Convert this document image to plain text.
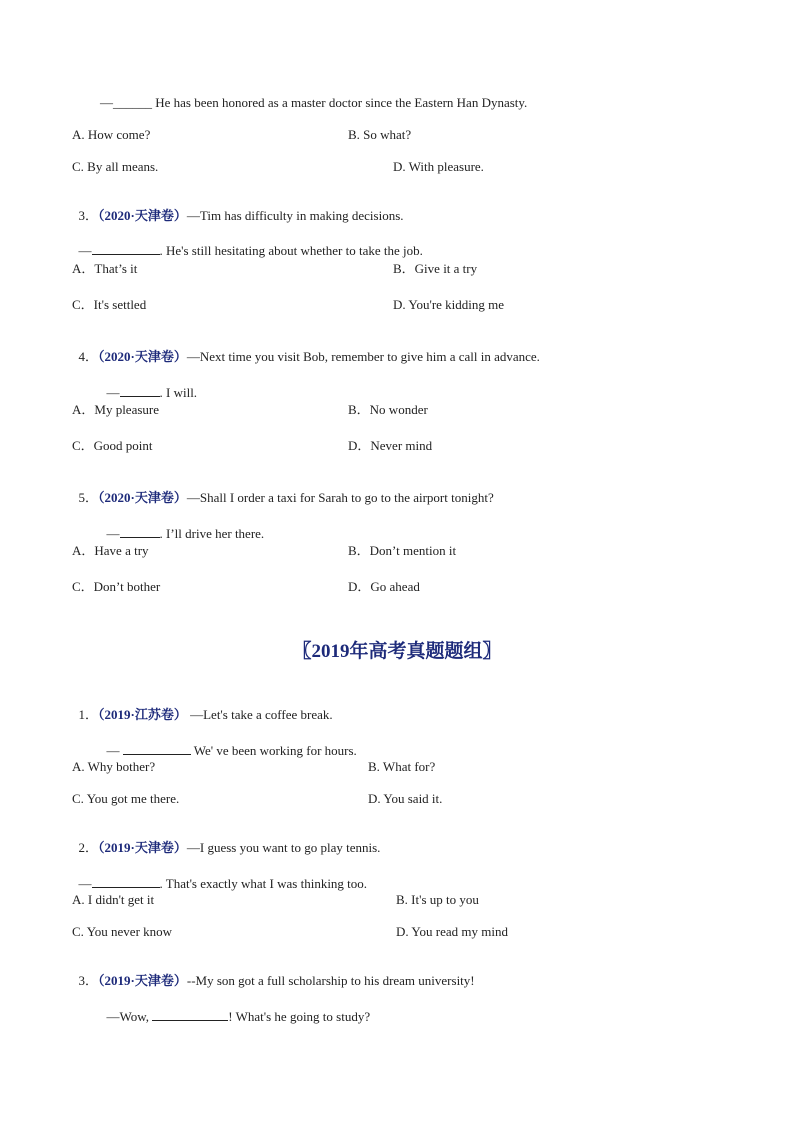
—______ He has been honored as a master doctor since the Eastern Han Dynasty.
A. How come?	B. So what?
C. By all means.	D. With pleasure.

3．（2020·天津卷）—Tim has difficulty in making decisions.

—	. He's still hesitating about whether to take the job.

A．That’s it	B．Give it a try
C．It's settled	D. You're kidding me

4．（2020·天津卷）—Next time you visit Bob, remember to give him a call in advance.

—	. I will.

A．My pleasure	B．No wonder
C．Good point	D．Never mind

5．（2020·天津卷）—Shall I order a taxi for Sarah to go to the airport tonight?

—	. I’ll drive her there.

A．Have a try	B．Don’t mention it
C．Don’t bother	D．Go ahead
〖2019年高考真题题组〗

1．（2019·江苏卷） —Let's take a coffee break.

—	We' ve been working for hours.

A. Why bother?	B. What for?
C. You got me there.	D. You said it.

2．（2019·天津卷）—I guess you want to go play tennis.

—	. That's exactly what I was thinking too.

A. I didn't get it	B. It's up to you
C. You never know	D. You read my mind

3．（2019·天津卷）--My son got a full scholarship to his dream university!

—Wow,	! What's he going to study?
